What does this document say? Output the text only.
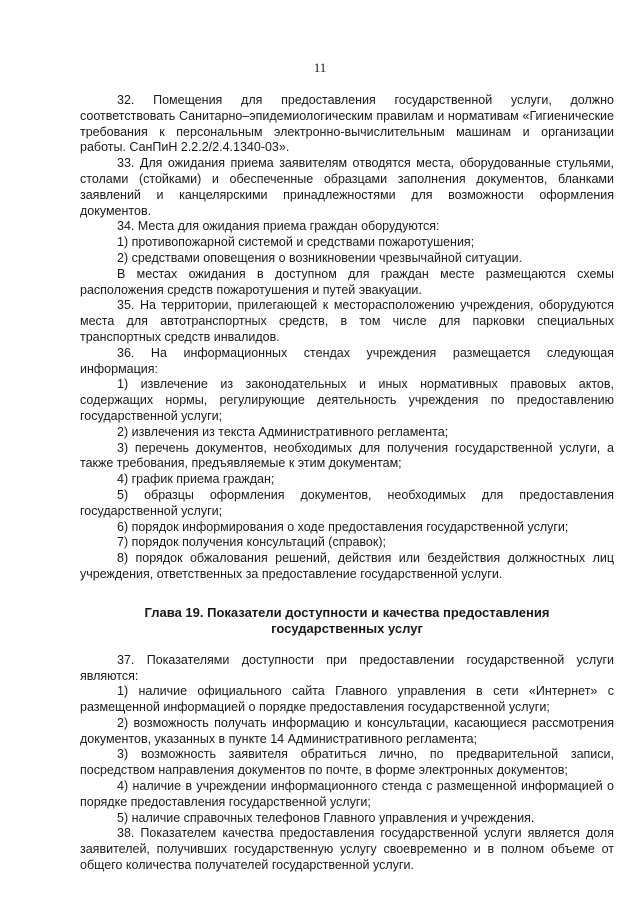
11

32. Помещения для предоставления государственной услуги, должно соответствовать Санитарно–эпидемиологическим правилам и нормативам «Гигиенические требования к персональным электронно-вычислительным машинам и организации работы. СанПиН 2.2.2/2.4.1340-03».

33. Для ожидания приема заявителям отводятся места, оборудованные стульями, столами (стойками) и обеспеченные образцами заполнения документов, бланками заявлений и канцелярскими принадлежностями для возможности оформления документов.

34. Места для ожидания приема граждан оборудуются:

1) противопожарной системой и средствами пожаротушения;

2) средствами оповещения о возникновении чрезвычайной ситуации.

В местах ожидания в доступном для граждан месте размещаются схемы расположения средств пожаротушения и путей эвакуации.

35. На территории, прилегающей к месторасположению учреждения, оборудуются места для автотранспортных средств, в том числе для парковки специальных транспортных средств инвалидов.

36. На информационных стендах учреждения размещается следующая информация:

1) извлечение из законодательных и иных нормативных правовых актов, содержащих нормы, регулирующие деятельность учреждения по предоставлению государственной услуги;

2) извлечения из текста Административного регламента;

3) перечень документов, необходимых для получения государственной услуги, а также требования, предъявляемые к этим документам;

4) график приема граждан;

5) образцы оформления документов, необходимых для предоставления государственной услуги;

6) порядок информирования о ходе предоставления государственной услуги;

7) порядок получения консультаций (справок);

8) порядок обжалования решений, действия или бездействия должностных лиц учреждения, ответственных за предоставление государственной услуги.

Глава 19. Показатели доступности и качества предоставления

государственных услуг

37. Показателями доступности при предоставлении государственной услуги являются:

1) наличие официального сайта Главного управления в сети «Интернет» с размещенной информацией о порядке предоставления государственной услуги;

2) возможность получать информацию и консультации, касающиеся рассмотрения документов, указанных в пункте 14 Административного регламента;

3) возможность заявителя обратиться лично, по предварительной записи, посредством направления документов по почте, в форме электронных документов;

4) наличие в учреждении информационного стенда с размещенной информацией о порядке предоставления государственной услуги;

5) наличие справочных телефонов Главного управления и учреждения.

38. Показателем качества предоставления государственной услуги является доля заявителей, получивших государственную услугу своевременно и в полном объеме от общего количества получателей государственной услуги.
